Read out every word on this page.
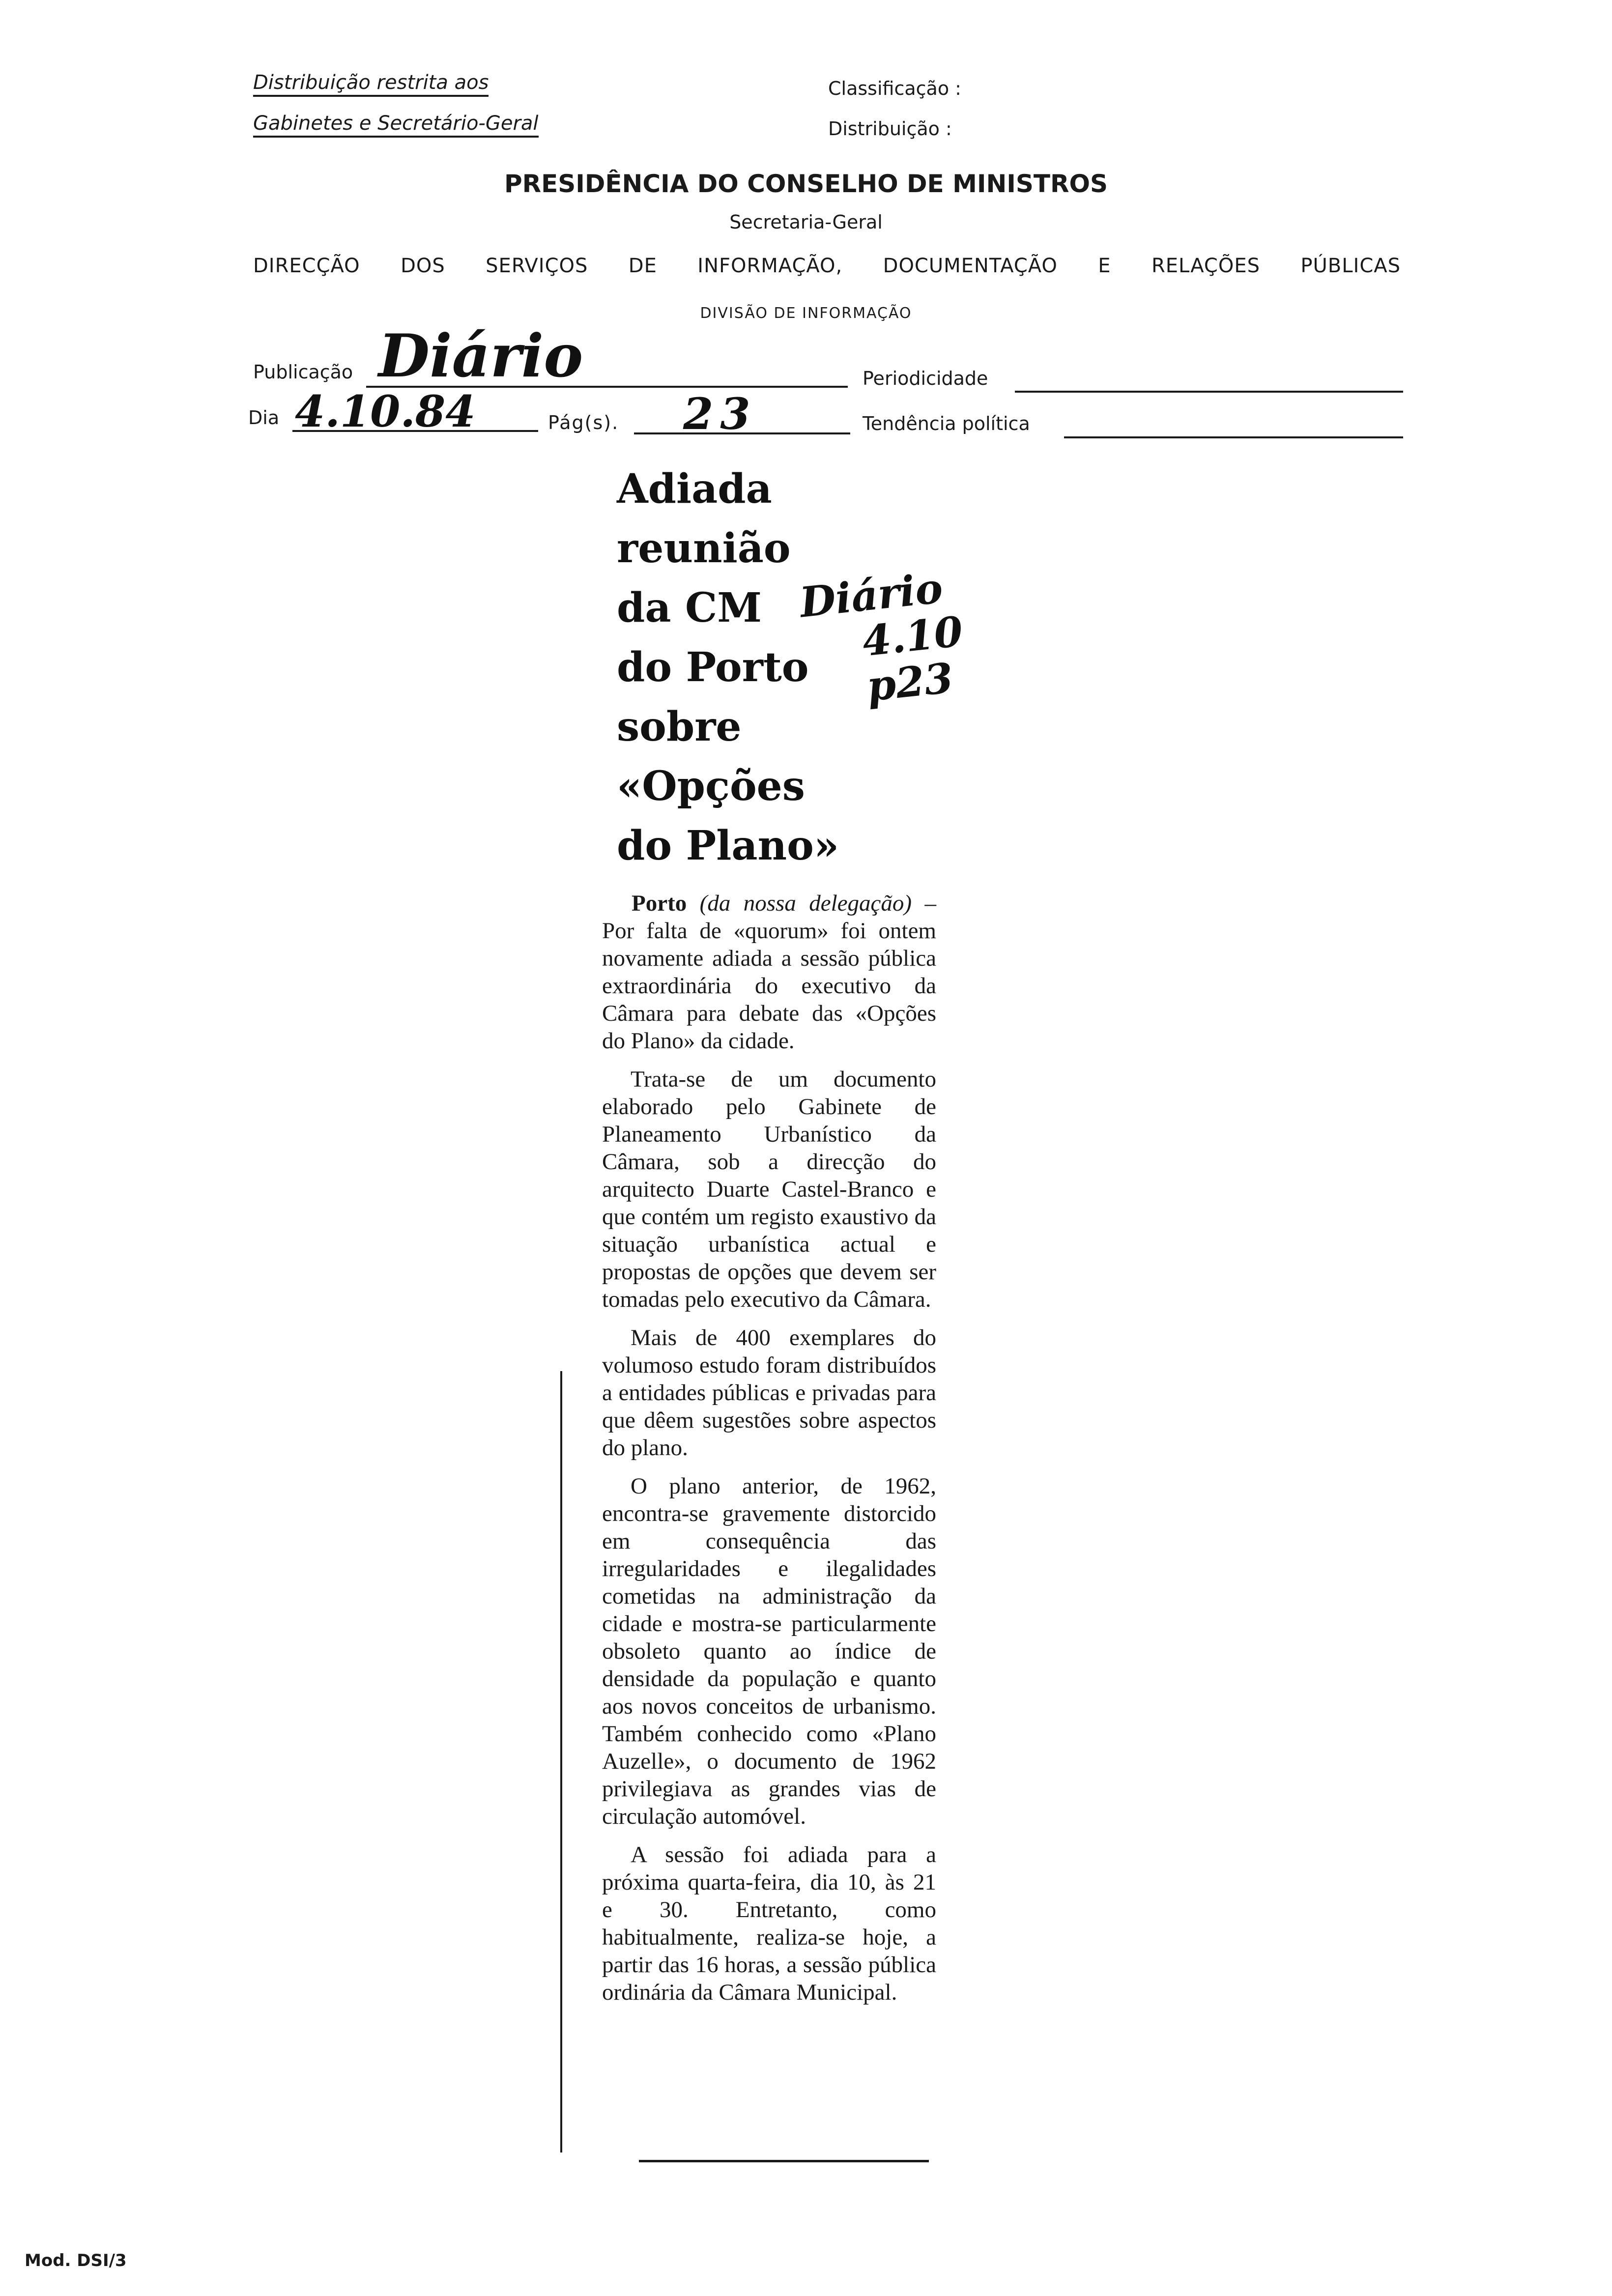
Distribuição restrita aos
Gabinetes e Secretário-Geral
Classificação :
Distribuição :
PRESIDÊNCIA DO CONSELHO DE MINISTROS
Secretaria-Geral
DIRECÇÃO DOS SERVIÇOS DE INFORMAÇÃO, DOCUMENTAÇÃO E RELAÇÕES PÚBLICAS
DIVISÃO DE INFORMAÇÃO
Publicação Diário	Periodicidade
Dia 4.10.84	Pág(s). 23	Tendência política
Adiada
reunião
da CM
do Porto
sobre
«Opções
do Plano»
Diário
4.10
p23

Porto (da nossa delegação) – Por falta de «quorum» foi ontem novamente adiada a sessão pública extraordinária do executivo da Câmara para debate das «Opções do Plano» da cidade.

Trata-se de um documento elaborado pelo Gabinete de Planeamento Urbanístico da Câmara, sob a direcção do arquitecto Duarte Castel-Branco e que contém um registo exaustivo da situação urbanística actual e propostas de opções que devem ser tomadas pelo executivo da Câmara.

Mais de 400 exemplares do volumoso estudo foram distribuídos a entidades públicas e privadas para que dêem sugestões sobre aspectos do plano.

O plano anterior, de 1962, encontra-se gravemente distorcido em consequência das irregularidades e ilegalidades cometidas na administração da cidade e mostra-se particularmente obsoleto quanto ao índice de densidade da população e quanto aos novos conceitos de urbanismo. Também conhecido como «Plano Auzelle», o documento de 1962 privilegiava as grandes vias de circulação automóvel.

A sessão foi adiada para a próxima quarta-feira, dia 10, às 21 e 30. Entretanto, como habitualmente, realiza-se hoje, a partir das 16 horas, a sessão pública ordinária da Câmara Municipal.

Mod. DSI/3
